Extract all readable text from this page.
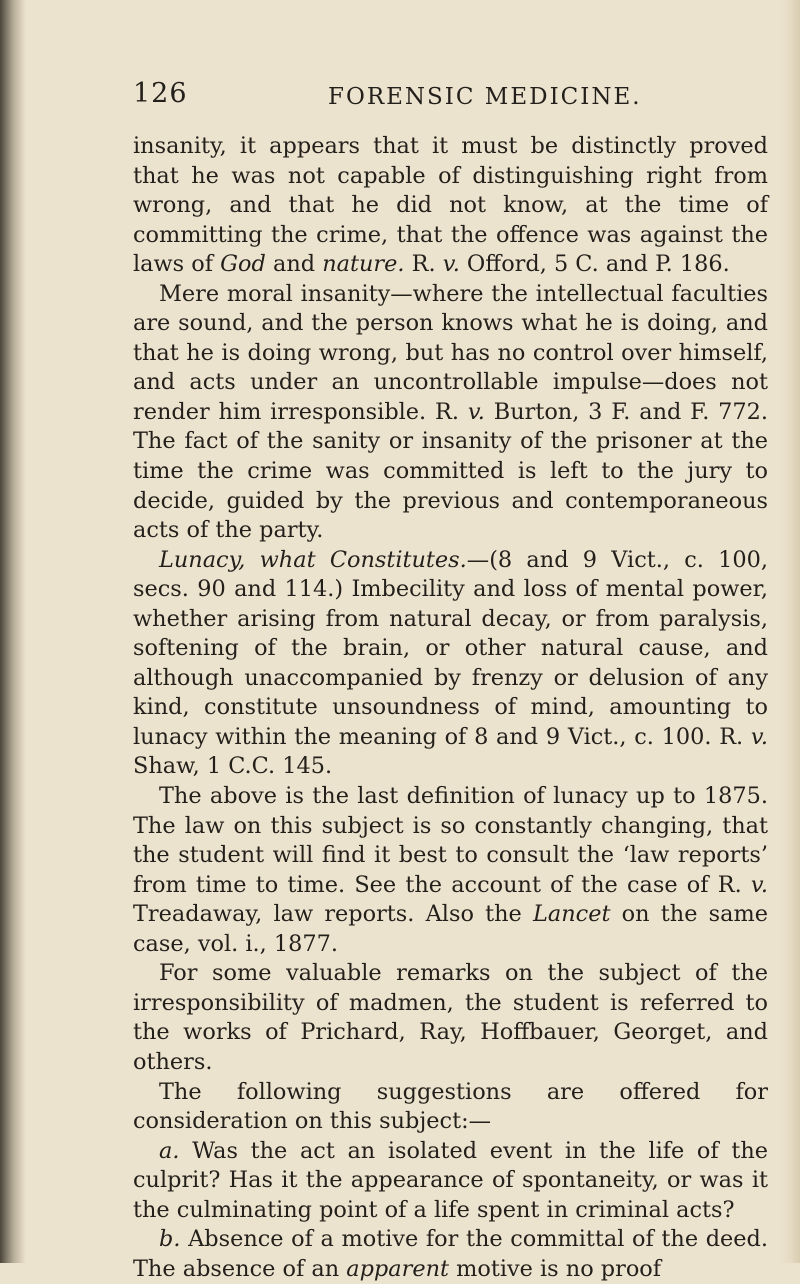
126	FORENSIC MEDICINE.

insanity, it appears that it must be distinctly proved that he was not capable of distinguishing right from wrong, and that he did not know, at the time of committing the crime, that the offence was against the laws of God and nature. R. v. Offord, 5 C. and P. 186.

Mere moral insanity—where the intellectual faculties are sound, and the person knows what he is doing, and that he is doing wrong, but has no control over himself, and acts under an uncontrollable impulse—does not render him irresponsible. R. v. Burton, 3 F. and F. 772. The fact of the sanity or insanity of the prisoner at the time the crime was committed is left to the jury to decide, guided by the previous and contemporaneous acts of the party.

Lunacy, what Constitutes.—(8 and 9 Vict., c. 100, secs. 90 and 114.) Imbecility and loss of mental power, whether arising from natural decay, or from paralysis, softening of the brain, or other natural cause, and although unaccompanied by frenzy or delusion of any kind, constitute unsoundness of mind, amounting to lunacy within the meaning of 8 and 9 Vict., c. 100. R. v. Shaw, 1 C.C. 145.

The above is the last definition of lunacy up to 1875. The law on this subject is so constantly changing, that the student will find it best to consult the ‘law reports’ from time to time. See the account of the case of R. v. Treadaway, law reports. Also the Lancet on the same case, vol. i., 1877.

For some valuable remarks on the subject of the irresponsibility of madmen, the student is referred to the works of Prichard, Ray, Hoffbauer, Georget, and others.

The following suggestions are offered for consideration on this subject:—

a. Was the act an isolated event in the life of the culprit? Has it the appearance of spontaneity, or was it the culminating point of a life spent in criminal acts?

b. Absence of a motive for the committal of the deed. The absence of an apparent motive is no proof
